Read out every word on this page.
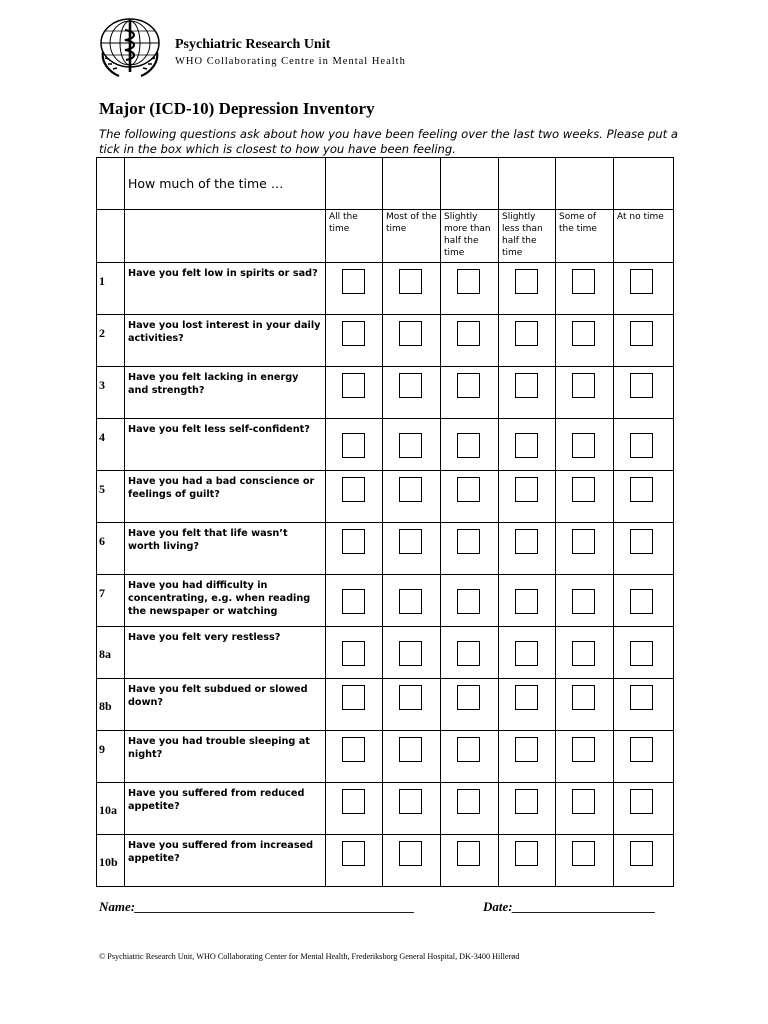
Psychiatric Research Unit
WHO Collaborating Centre in Mental Health
Major (ICD-10) Depression Inventory
The following questions ask about how you have been feeling over the last two weeks. Please put a tick in the box which is closest to how you have been feeling.

	How much of the time …						

		All the time	Most of the time	Slightly more than half the time	Slightly less than half the time	Some of the time	At no time

1	Have you felt low in spirits or sad?						

2	Have you lost interest in your daily activities?						

3	Have you felt lacking in energy and strength?						

4	Have you felt less self-confident?						

5	Have you had a bad conscience or feelings of guilt?						

6	Have you felt that life wasn’t worth living?						

7	Have you had difficulty in concentrating, e.g. when reading the newspaper or watching						

8a	Have you felt very restless?						

8b	Have you felt subdued or slowed down?						

9	Have you had trouble sleeping at night?						

10a	Have you suffered from reduced appetite?						

10b	Have you suffered from increased appetite?						

Name:___________________________________________	Date:______________________
© Psychiatric Research Unit, WHO Collaborating Center for Mental Health, Frederiksborg General Hospital, DK-3400 Hillerød
